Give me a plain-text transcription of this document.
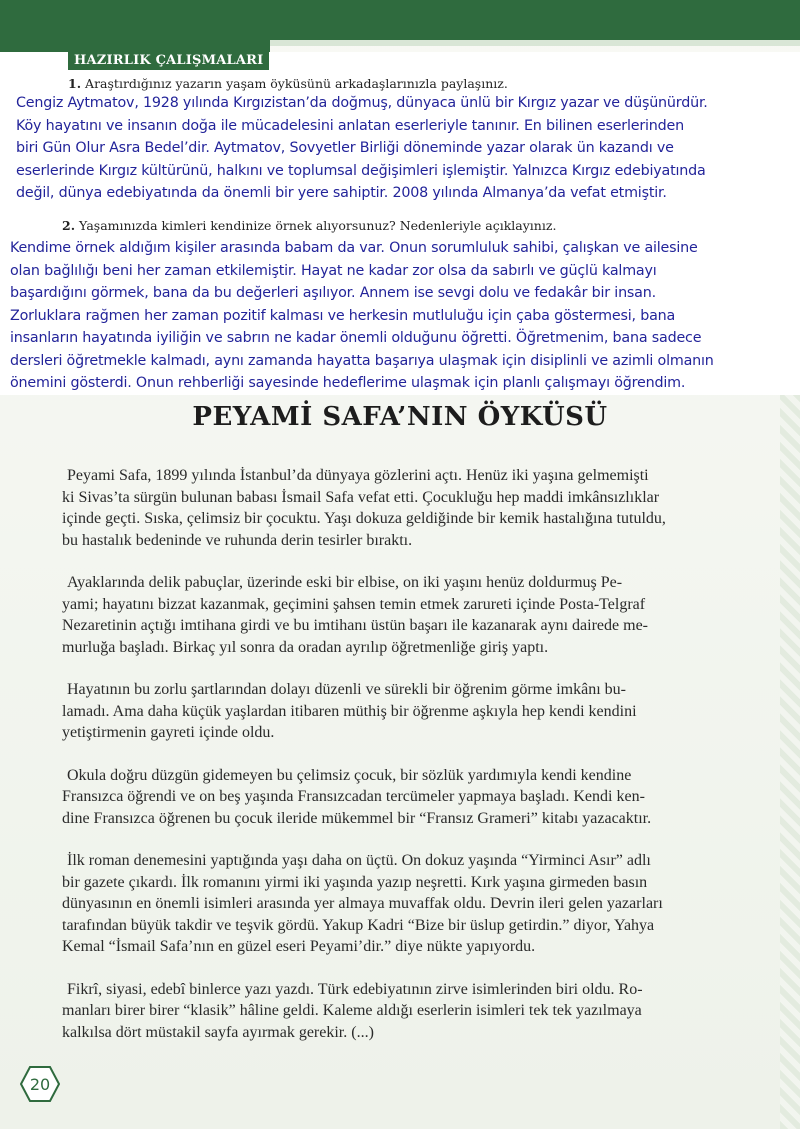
HAZIRLIK ÇALIŞMALARI
1. Araştırdığınız yazarın yaşam öyküsünü arkadaşlarınızla paylaşınız.
Cengiz Aytmatov, 1928 yılında Kırgızistan’da doğmuş, dünyaca ünlü bir Kırgız yazar ve düşünürdür.
Köy hayatını ve insanın doğa ile mücadelesini anlatan eserleriyle tanınır. En bilinen eserlerinden
biri Gün Olur Asra Bedel’dir. Aytmatov, Sovyetler Birliği döneminde yazar olarak ün kazandı ve
eserlerinde Kırgız kültürünü, halkını ve toplumsal değişimleri işlemiştir. Yalnızca Kırgız edebiyatında
değil, dünya edebiyatında da önemli bir yere sahiptir. 2008 yılında Almanya’da vefat etmiştir.
2. Yaşamınızda kimleri kendinize örnek alıyorsunuz? Nedenleriyle açıklayınız.
Kendime örnek aldığım kişiler arasında babam da var. Onun sorumluluk sahibi, çalışkan ve ailesine
olan bağlılığı beni her zaman etkilemiştir. Hayat ne kadar zor olsa da sabırlı ve güçlü kalmayı
başardığını görmek, bana da bu değerleri aşılıyor. Annem ise sevgi dolu ve fedakâr bir insan.
Zorluklara rağmen her zaman pozitif kalması ve herkesin mutluluğu için çaba göstermesi, bana
insanların hayatında iyiliğin ve sabrın ne kadar önemli olduğunu öğretti. Öğretmenim, bana sadece
dersleri öğretmekle kalmadı, aynı zamanda hayatta başarıya ulaşmak için disiplinli ve azimli olmanın
önemini gösterdi. Onun rehberliği sayesinde hedeflerime ulaşmak için planlı çalışmayı öğrendim.
PEYAMİ SAFA’NIN ÖYKÜSÜ

Peyami Safa, 1899 yılında İstanbul’da dünyaya gözlerini açtı. Henüz iki yaşına gelmemişti
ki Sivas’ta sürgün bulunan babası İsmail Safa vefat etti. Çocukluğu hep maddi imkânsızlıklar
içinde geçti. Sıska, çelimsiz bir çocuktu. Yaşı dokuza geldiğinde bir kemik hastalığına tutuldu,
bu hastalık bedeninde ve ruhunda derin tesirler bıraktı.

Ayaklarında delik pabuçlar, üzerinde eski bir elbise, on iki yaşını henüz doldurmuş Pe-
yami; hayatını bizzat kazanmak, geçimini şahsen temin etmek zarureti içinde Posta-Telgraf
Nezaretinin açtığı imtihana girdi ve bu imtihanı üstün başarı ile kazanarak aynı dairede me-
murluğa başladı. Birkaç yıl sonra da oradan ayrılıp öğretmenliğe giriş yaptı.

Hayatının bu zorlu şartlarından dolayı düzenli ve sürekli bir öğrenim görme imkânı bu-
lamadı. Ama daha küçük yaşlardan itibaren müthiş bir öğrenme aşkıyla hep kendi kendini
yetiştirmenin gayreti içinde oldu.

Okula doğru düzgün gidemeyen bu çelimsiz çocuk, bir sözlük yardımıyla kendi kendine
Fransızca öğrendi ve on beş yaşında Fransızcadan tercümeler yapmaya başladı. Kendi ken-
dine Fransızca öğrenen bu çocuk ileride mükemmel bir “Fransız Grameri” kitabı yazacaktır.

İlk roman denemesini yaptığında yaşı daha on üçtü. On dokuz yaşında “Yirminci Asır” adlı
bir gazete çıkardı. İlk romanını yirmi iki yaşında yazıp neşretti. Kırk yaşına girmeden basın
dünyasının en önemli isimleri arasında yer almaya muvaffak oldu. Devrin ileri gelen yazarları
tarafından büyük takdir ve teşvik gördü. Yakup Kadri “Bize bir üslup getirdin.” diyor, Yahya
Kemal “İsmail Safa’nın en güzel eseri Peyami’dir.” diye nükte yapıyordu.

Fikrî, siyasi, edebî binlerce yazı yazdı. Türk edebiyatının zirve isimlerinden biri oldu. Ro-
manları birer birer “klasik” hâline geldi. Kaleme aldığı eserlerin isimleri tek tek yazılmaya
kalkılsa dört müstakil sayfa ayırmak gerekir. (...)

20
